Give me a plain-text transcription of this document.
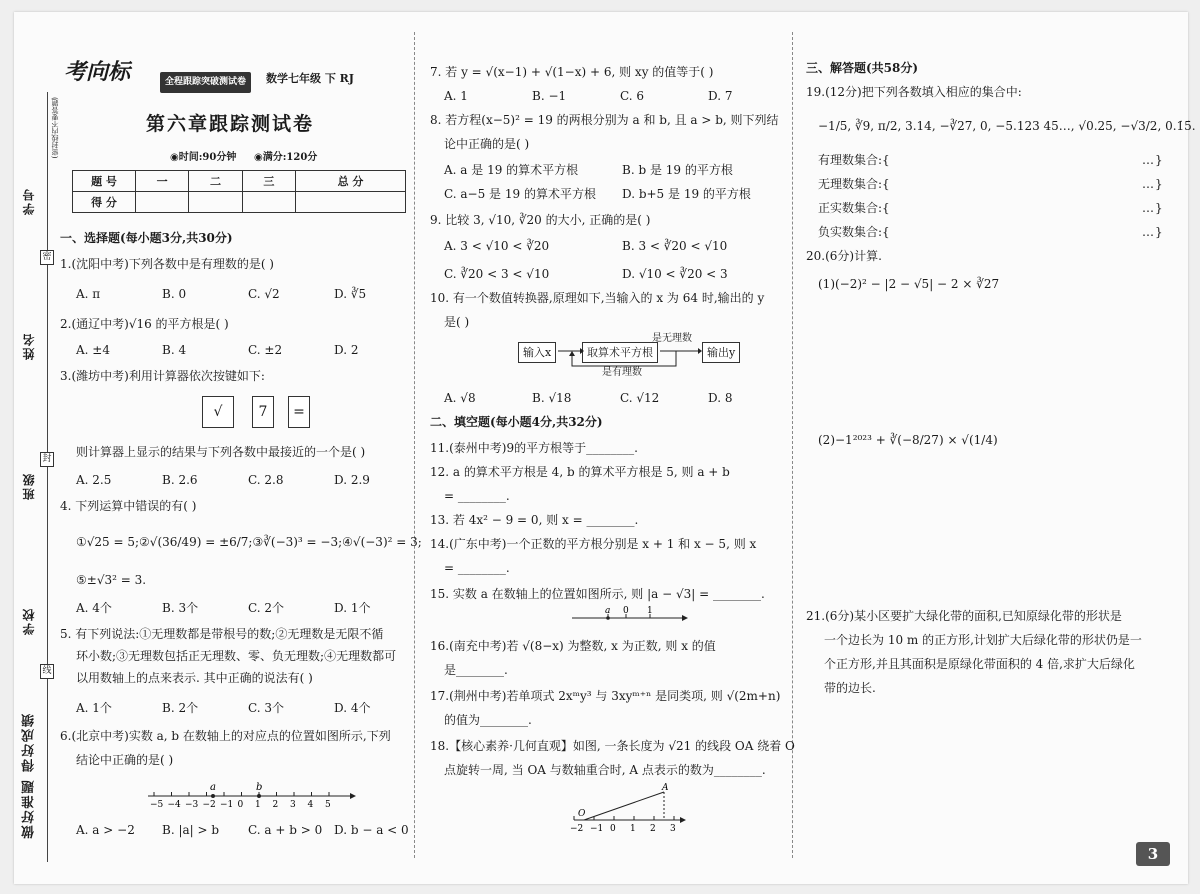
学号
姓名
班级
学校
做好准题 得好成绩
(密封线内不要答题)
密
封
线
考向标	全程跟踪突破测试卷	数学七年级 下 RJ
第六章跟踪测试卷
◉时间:90分钟 ◉满分:120分
题 号	一	二	三	总 分
得 分				
一、选择题(每小题3分,共30分)
1.(沈阳中考)下列各数中是有理数的是( )
A. π	B. 0	C. √2	D. ∛5
2.(通辽中考)√16 的平方根是( )
A. ±4	B. 4	C. ±2	D. 2
3.(潍坊中考)利用计算器依次按键如下:
√	7	=
则计算器上显示的结果与下列各数中最接近的一个是( )
A. 2.5	B. 2.6	C. 2.8	D. 2.9
4. 下列运算中错误的有( )
①√25 = 5;②√(36/49) = ±6/7;③∛(−3)³ = −3;④√(−3)² = 3;
⑤±√3² = 3.
A. 4个	B. 3个	C. 2个	D. 1个
5. 有下列说法:①无理数都是带根号的数;②无理数是无限不循
环小数;③无理数包括正无理数、零、负无理数;④无理数都可
以用数轴上的点来表示. 其中正确的说法有( )
A. 1个	B. 2个	C. 3个	D. 4个
6.(北京中考)实数 a, b 在数轴上的对应点的位置如图所示,下列
结论中正确的是( )
−5 −4 −3 −2 −1 0 1 2 3 4 5
a	b
A. a > −2	B. |a| > b	C. a + b > 0 D. b − a < 0
7. 若 y = √(x−1) + √(1−x) + 6, 则 xy 的值等于( )
A. 1	B. −1	C. 6	D. 7
8. 若方程(x−5)² = 19 的两根分别为 a 和 b, 且 a > b, 则下列结
论中正确的是( )
A. a 是 19 的算术平方根	B. b 是 19 的平方根
C. a−5 是 19 的算术平方根 D. b+5 是 19 的平方根
9. 比较 3, √10, ∛20 的大小, 正确的是( )
A. 3 < √10 < ∛20	B. 3 < ∛20 < √10
C. ∛20 < 3 < √10	D. √10 < ∛20 < 3
10. 有一个数值转换器,原理如下,当输入的 x 为 64 时,输出的 y
是( )
输入x	取算术平方根	输出y
是无理数
是有理数
A. √8	B. √18	C. √12	D. 8
二、填空题(每小题4分,共32分)
11.(泰州中考)9的平方根等于________.
12. a 的算术平方根是 4, b 的算术平方根是 5, 则 a + b
= ________.
13. 若 4x² − 9 = 0, 则 x = ________.
14.(广东中考)一个正数的平方根分别是 x + 1 和 x − 5, 则 x
= ________.
15. 实数 a 在数轴上的位置如图所示, 则 |a − √3| = ________.
a 0 1
16.(南充中考)若 √(8−x) 为整数, x 为正数, 则 x 的值
是________.
17.(荆州中考)若单项式 2xᵐy³ 与 3xyᵐ⁺ⁿ 是同类项, 则 √(2m+n)
的值为________.
18.【核心素养·几何直观】如图, 一条长度为 √21 的线段 OA 绕着 O
点旋转一周, 当 OA 与数轴重合时, A 点表示的数为________.
−2 −1 0 1 2 3
O
A
三、解答题(共58分)
19.(12分)把下列各数填入相应的集合中:
−1/5, ∛9, π/2, 3.14, −∛27, 0, −5.123 45…, √0.25, −√3/2, 0.1̇5̇.
有理数集合:{	…}
无理数集合:{	…}
正实数集合:{	…}
负实数集合:{	…}
20.(6分)计算.
(1)(−2)² − |2 − √5| − 2 × ∛27
(2)−1²⁰²³ + ∛(−8/27) × √(1/4)
21.(6分)某小区要扩大绿化带的面积,已知原绿化带的形状是
一个边长为 10 m 的正方形,计划扩大后绿化带的形状仍是一
个正方形,并且其面积是原绿化带面积的 4 倍,求扩大后绿化
带的边长.
3
